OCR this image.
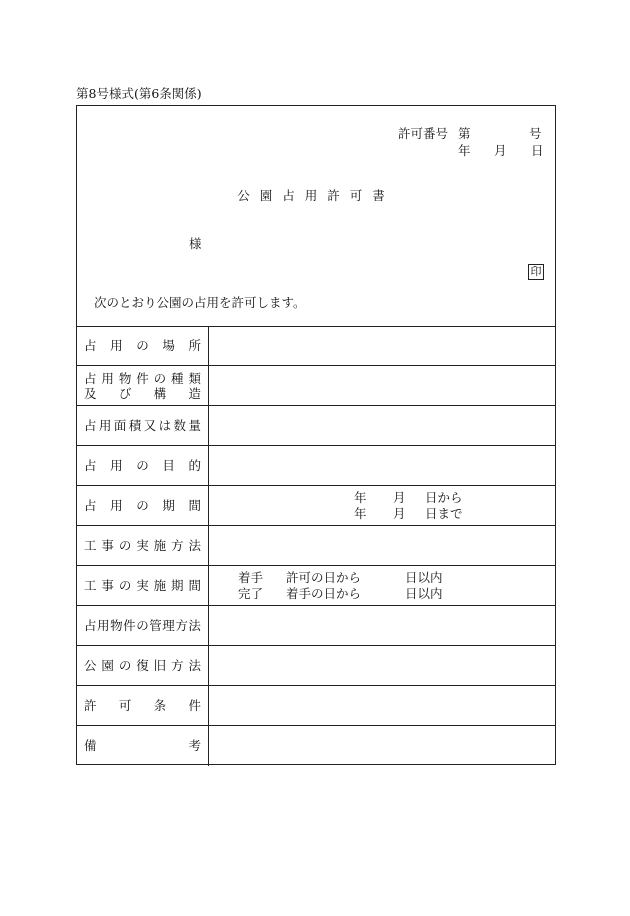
第8号様式(第6条関係)
許可番号 第	号
年 月 日
公園占用許可書
様
印
次のとおり公園の占用を許可します。
占 用 の 場 所
占 用 物 件 の 種 類
及 び 構 造
占 用 面 積 又 は 数 量
占 用 の 目 的
占 用 の 期 間
年 月 日から
年 月 日まで
工 事 の 実 施 方 法
工 事 の 実 施 期 間
着手 許可の日から	日以内
完了 着手の日から	日以内
占 用 物 件 の 管 理 方 法
公 園 の 復 旧 方 法
許 可 条 件
備	考
